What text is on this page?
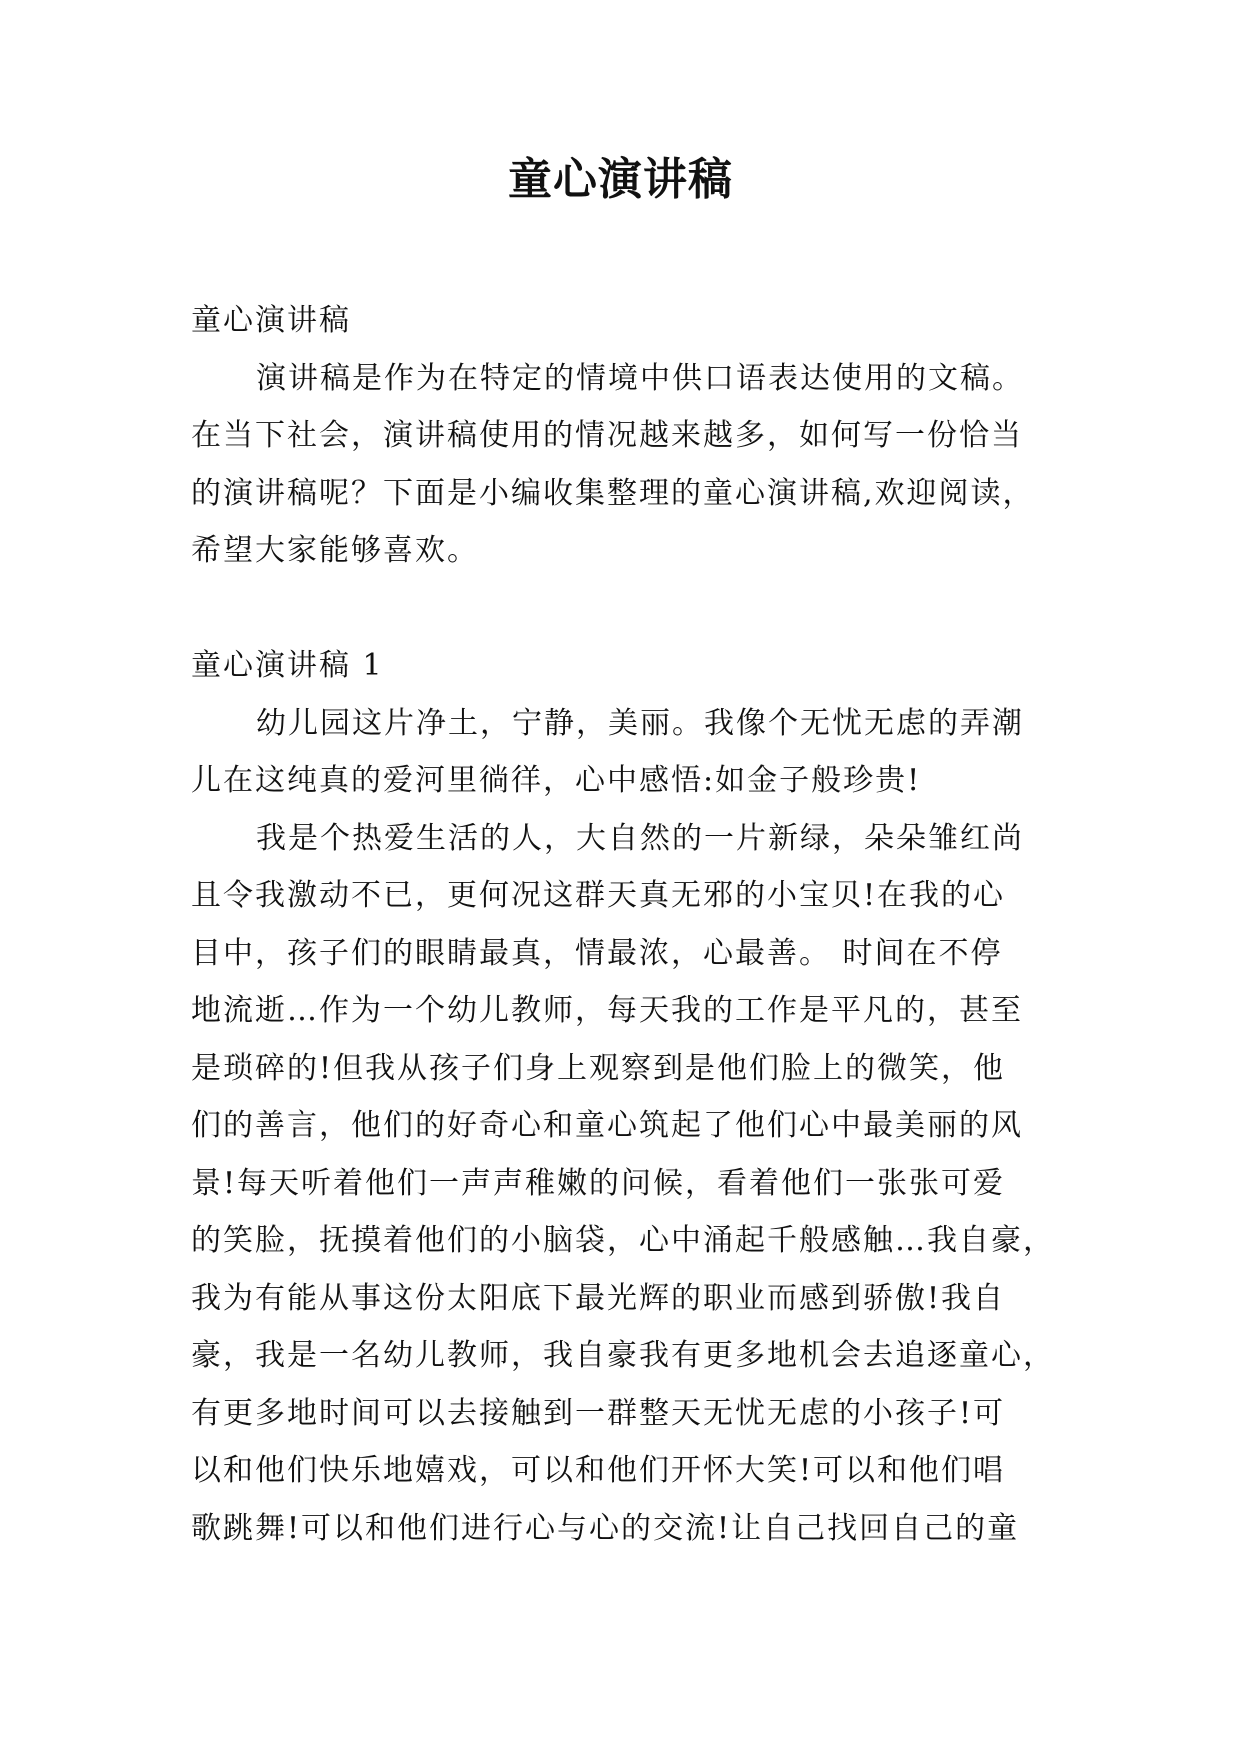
童心演讲稿
童心演讲稿
演讲稿是作为在特定的情境中供口语表达使用的文稿。
在当下社会，演讲稿使用的情况越来越多，如何写一份恰当
的演讲稿呢？下面是小编收集整理的童心演讲稿,欢迎阅读，
希望大家能够喜欢。
童心演讲稿 1
幼儿园这片净土，宁静，美丽。我像个无忧无虑的弄潮
儿在这纯真的爱河里徜徉，心中感悟:如金子般珍贵!
我是个热爱生活的人，大自然的一片新绿，朵朵雏红尚
且令我激动不已，更何况这群天真无邪的小宝贝!在我的心
目中，孩子们的眼睛最真，情最浓，心最善。 时间在不停
地流逝…作为一个幼儿教师，每天我的工作是平凡的，甚至
是琐碎的!但我从孩子们身上观察到是他们脸上的微笑，他
们的善言，他们的好奇心和童心筑起了他们心中最美丽的风
景!每天听着他们一声声稚嫩的问候，看着他们一张张可爱
的笑脸，抚摸着他们的小脑袋，心中涌起千般感触…我自豪，
我为有能从事这份太阳底下最光辉的职业而感到骄傲!我自
豪，我是一名幼儿教师，我自豪我有更多地机会去追逐童心，
有更多地时间可以去接触到一群整天无忧无虑的小孩子!可
以和他们快乐地嬉戏，可以和他们开怀大笑!可以和他们唱
歌跳舞!可以和他们进行心与心的交流!让自己找回自己的童
